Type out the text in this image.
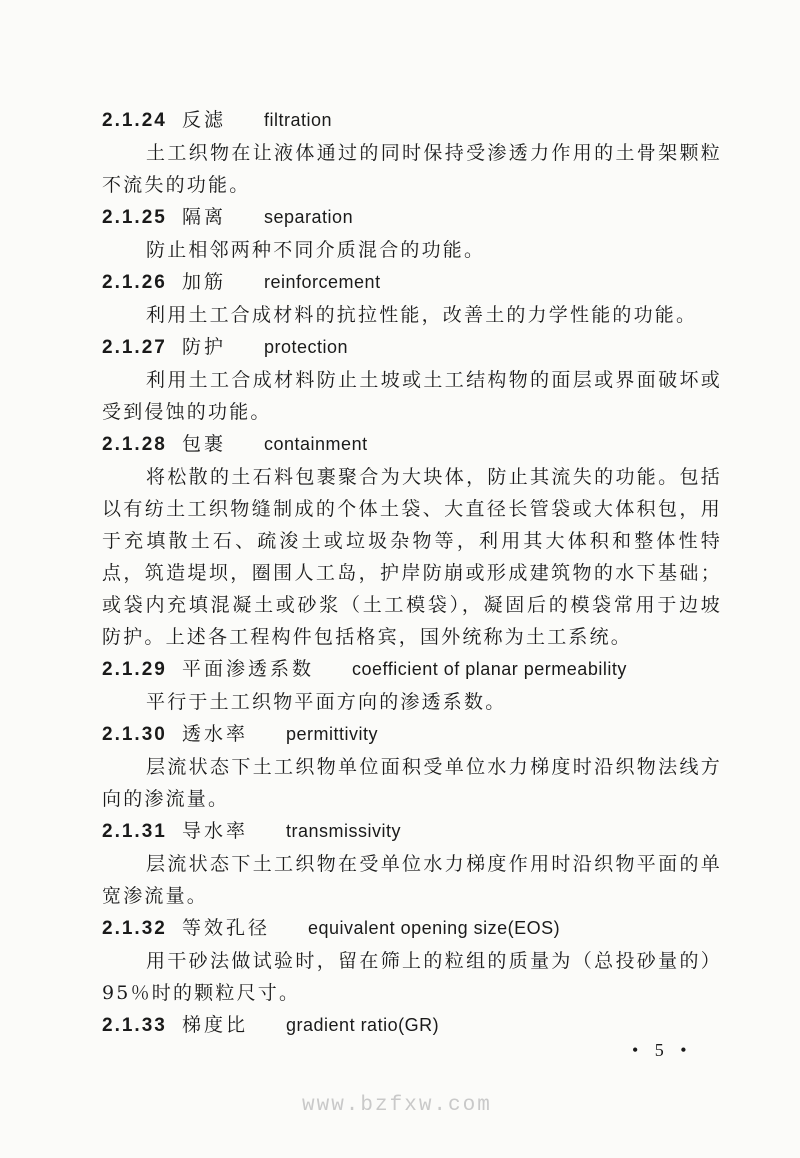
2.1.24 反滤 filtration

土工织物在让液体通过的同时保持受渗透力作用的土骨架颗粒不流失的功能。

2.1.25 隔离 separation

防止相邻两种不同介质混合的功能。

2.1.26 加筋 reinforcement

利用土工合成材料的抗拉性能，改善土的力学性能的功能。

2.1.27 防护 protection

利用土工合成材料防止土坡或土工结构物的面层或界面破坏或受到侵蚀的功能。

2.1.28 包裹 containment

将松散的土石料包裹聚合为大块体，防止其流失的功能。包括以有纺土工织物缝制成的个体土袋、大直径长管袋或大体积包，用于充填散土石、疏浚土或垃圾杂物等，利用其大体积和整体性特点，筑造堤坝，圈围人工岛，护岸防崩或形成建筑物的水下基础；或袋内充填混凝土或砂浆（土工模袋），凝固后的模袋常用于边坡防护。上述各工程构件包括格宾，国外统称为土工系统。

2.1.29 平面渗透系数 coefficient of planar permeability

平行于土工织物平面方向的渗透系数。

2.1.30 透水率 permittivity

层流状态下土工织物单位面积受单位水力梯度时沿织物法线方向的渗流量。

2.1.31 导水率 transmissivity

层流状态下土工织物在受单位水力梯度作用时沿织物平面的单宽渗流量。

2.1.32 等效孔径 equivalent opening size(EOS)

用干砂法做试验时，留在筛上的粒组的质量为（总投砂量的）95％时的颗粒尺寸。

2.1.33 梯度比 gradient ratio(GR)

• 5 •
www.bzfxw.com
